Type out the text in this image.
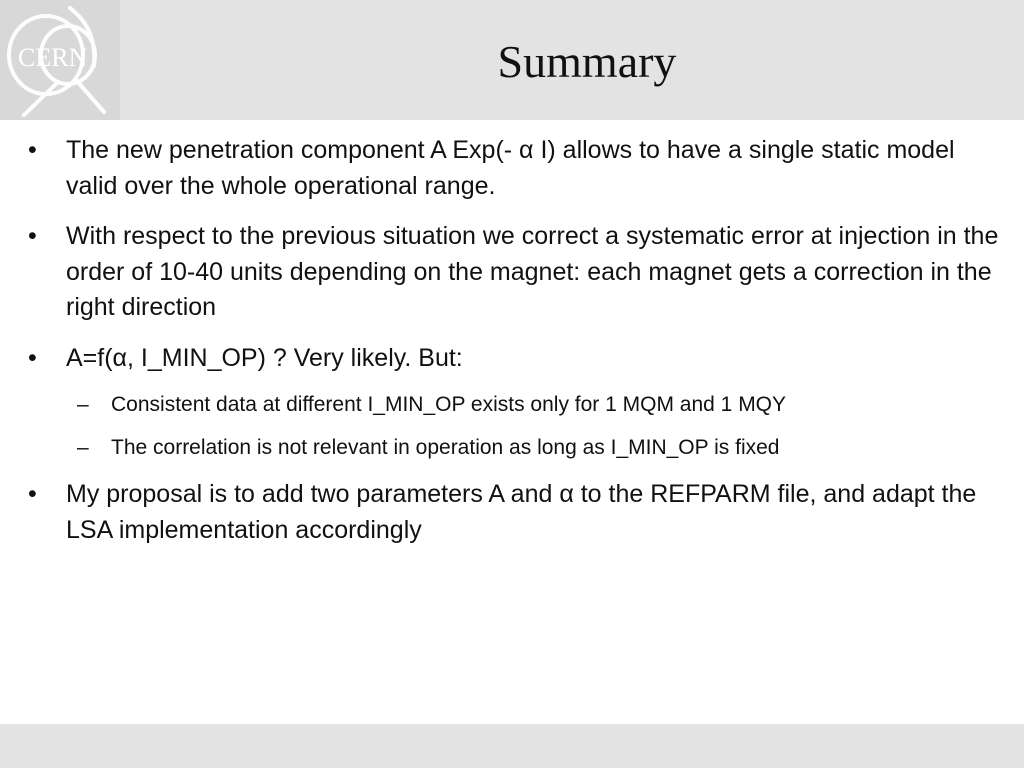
CERN	Summary
• The new penetration component A Exp(- α I) allows to have a single static model valid over the whole operational range.
• With respect to the previous situation we correct a systematic error at injection in the order of 10-40 units depending on the magnet: each magnet gets a correction in the right direction
• A=f(α, I_MIN_OP) ? Very likely. But:
– Consistent data at different I_MIN_OP exists only for 1 MQM and 1 MQY
– The correlation is not relevant in operation as long as I_MIN_OP is fixed
• My proposal is to add two parameters A and α to the REFPARM file, and adapt the LSA implementation accordingly
